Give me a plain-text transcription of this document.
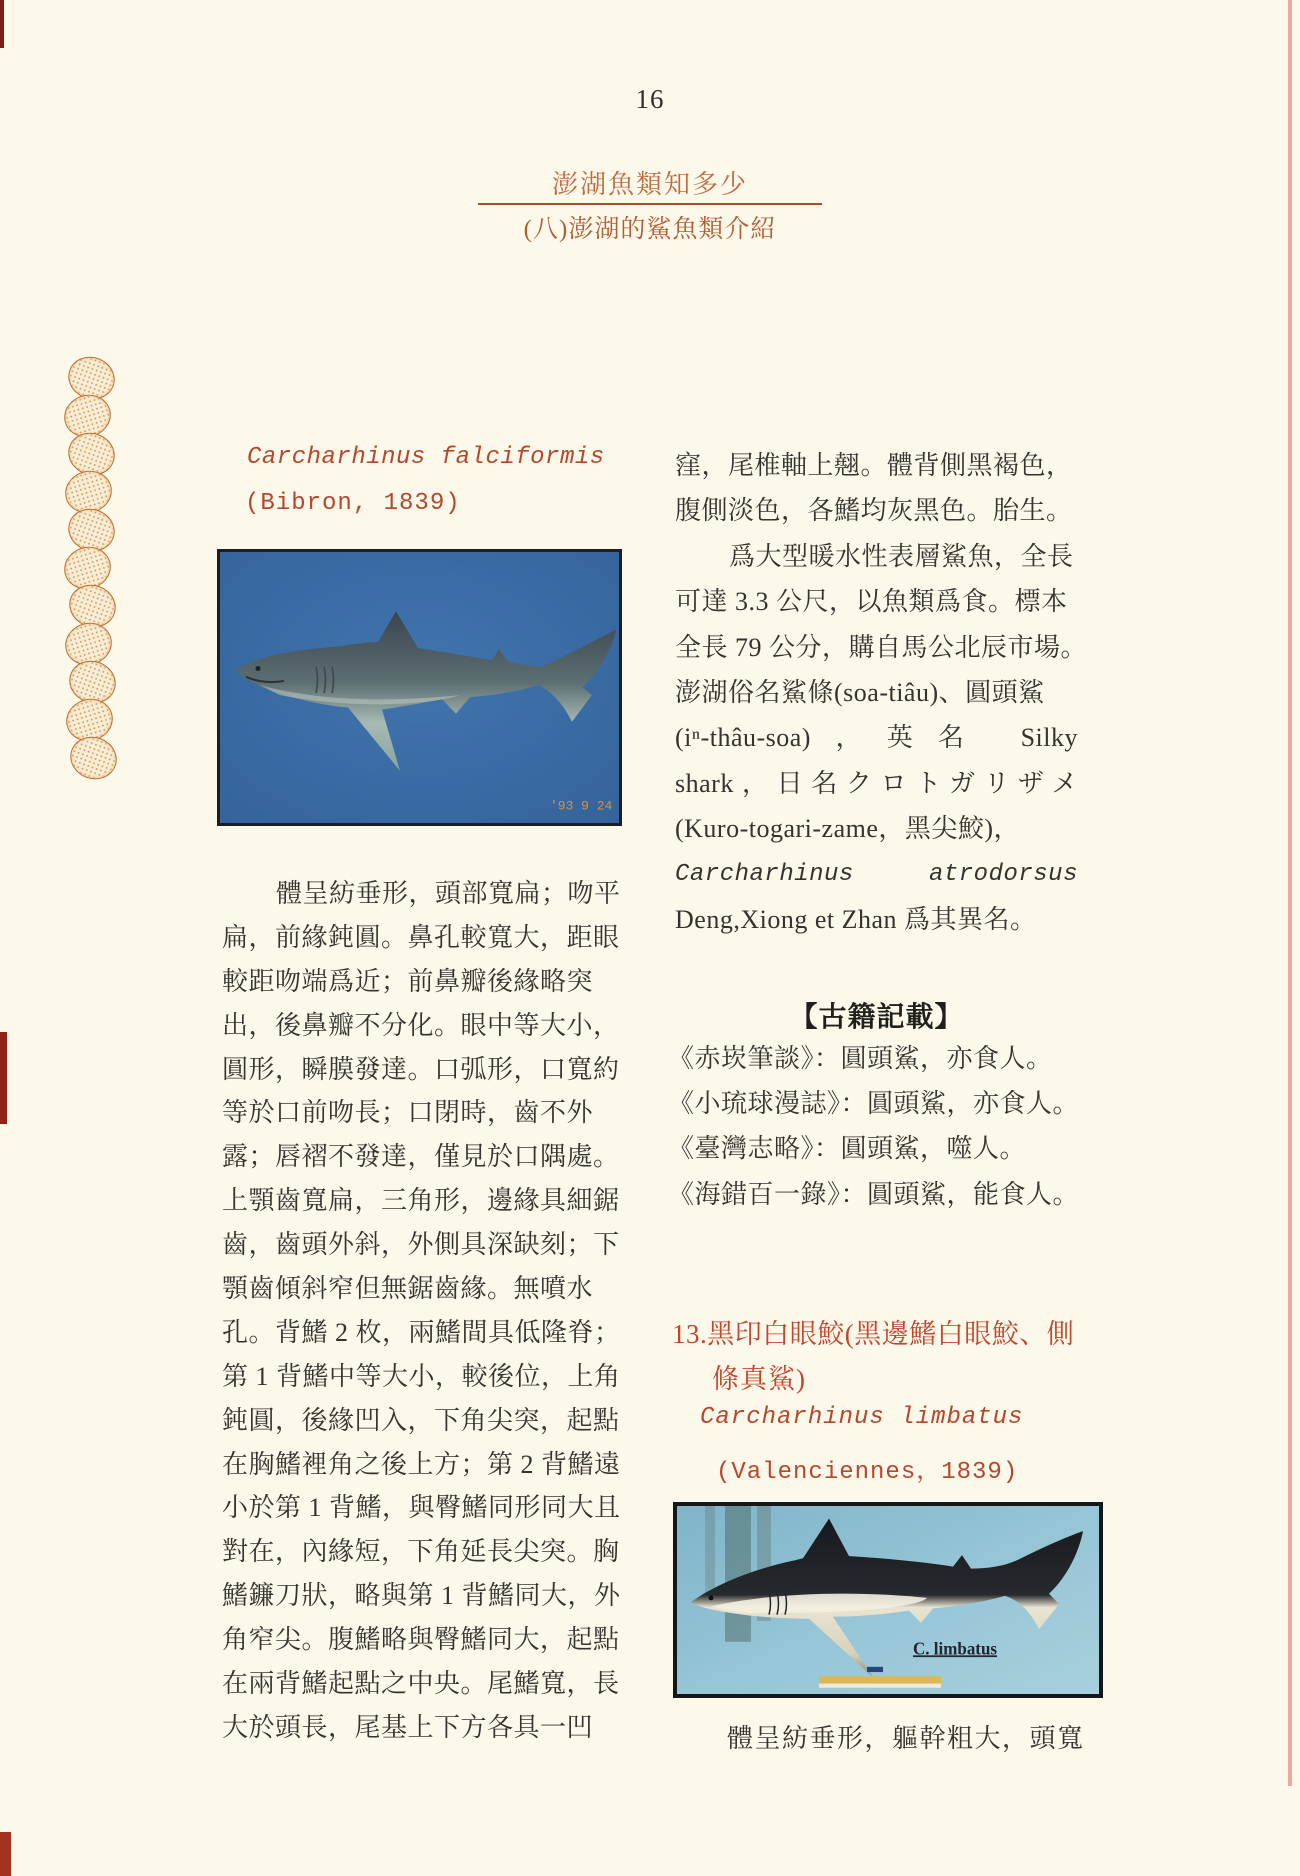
16
澎湖魚類知多少
(八)澎湖的鯊魚類介紹
Carcharhinus falciformis
(Bibron, 1839)
'93 9 24
體呈紡垂形，頭部寬扁；吻平
扁，前緣鈍圓。鼻孔較寬大，距眼
較距吻端爲近；前鼻瓣後緣略突
出，後鼻瓣不分化。眼中等大小，
圓形，瞬膜發達。口弧形，口寬約
等於口前吻長；口閉時，齒不外
露；唇褶不發達，僅見於口隅處。
上顎齒寬扁，三角形，邊緣具細鋸
齒，齒頭外斜，外側具深缺刻；下
顎齒傾斜窄但無鋸齒緣。無噴水
孔。背鰭 2 枚，兩鰭間具低隆脊；
第 1 背鰭中等大小，較後位，上角
鈍圓，後緣凹入，下角尖突，起點
在胸鰭裡角之後上方；第 2 背鰭遠
小於第 1 背鰭，與臀鰭同形同大且
對在，內緣短，下角延長尖突。胸
鰭鐮刀狀，略與第 1 背鰭同大，外
角窄尖。腹鰭略與臀鰭同大，起點
在兩背鰭起點之中央。尾鰭寬，長
大於頭長，尾基上下方各具一凹
窪，尾椎軸上翹。體背側黑褐色，
腹側淡色，各鰭均灰黑色。胎生。
爲大型暖水性表層鯊魚，全長
可達 3.3 公尺，以魚類爲食。標本
全長 79 公分，購自馬公北辰市場。
澎湖俗名鯊條(soa-tiâu)、圓頭鯊
(iⁿ-thâu-soa)，英名 Silky
shark，日名クロトガリザメ
(Kuro-togari-zame，黑尖鮫)，
Carcharhinus atrodorsus
Deng,Xiong et Zhan 爲其異名。
【古籍記載】
《赤崁筆談》：圓頭鯊，亦食人。
《小琉球漫誌》：圓頭鯊，亦食人。
《臺灣志略》：圓頭鯊，噬人。
《海錯百一錄》：圓頭鯊，能食人。
13.黑印白眼鮫(黑邊鰭白眼鮫、側
條真鯊)
Carcharhinus limbatus
(Valenciennes，1839)
C. limbatus
體呈紡垂形，軀幹粗大，頭寬
